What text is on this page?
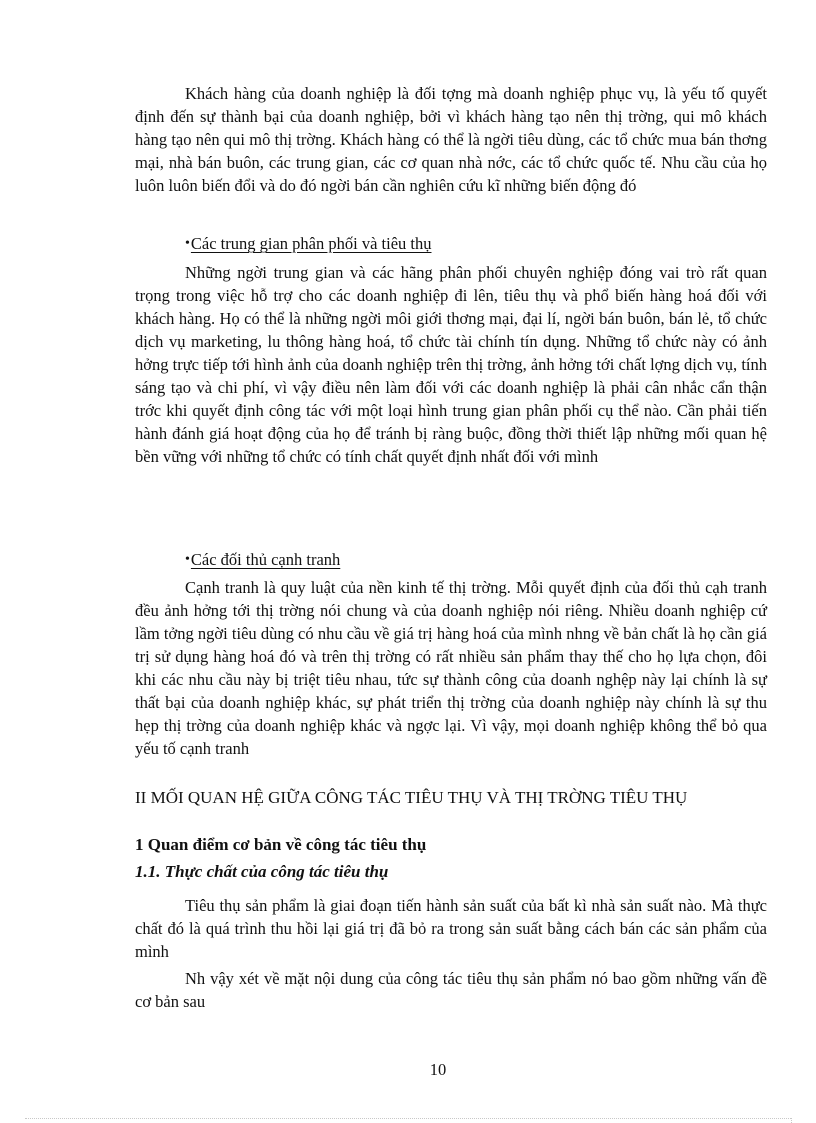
Khách hàng của doanh nghiệp là đối tợng mà doanh nghiệp phục vụ, là yếu tố quyết định đến sự thành bại của doanh nghiệp, bởi vì khách hàng tạo nên thị trờng, qui mô khách hàng tạo nên qui mô thị trờng. Khách hàng có thể là ngời tiêu dùng, các tổ chức mua bán thơng mại, nhà bán buôn, các trung gian, các cơ quan nhà nớc, các tổ chức quốc tế. Nhu cầu của họ luôn luôn biến đổi và do đó ngời bán cần nghiên cứu kĩ những biến động đó

•Các trung gian phân phối và tiêu thụ

Những ngời trung gian và các hãng phân phối chuyên nghiệp đóng vai trò rất quan trọng trong việc hỗ trợ cho các doanh nghiệp đi lên, tiêu thụ và phổ biến hàng hoá đối với khách hàng. Họ có thể là những ngời môi giới thơng mại, đại lí, ngời bán buôn, bán lẻ, tổ chức dịch vụ marketing, lu thông hàng hoá, tổ chức tài chính tín dụng. Những tổ chức này có ảnh hởng trực tiếp tới hình ảnh của doanh nghiệp trên thị trờng, ảnh hởng tới chất lợng dịch vụ, tính sáng tạo và chi phí, vì vậy điều nên làm đối với các doanh nghiệp là phải cân nhắc cẩn thận trớc khi quyết định công tác với một loại hình trung gian phân phối cụ thể nào. Cần phải tiến hành đánh giá hoạt động của họ để tránh bị ràng buộc, đồng thời thiết lập những mối quan hệ bền vững với những tổ chức có tính chất quyết định nhất đối với mình

•Các đối thủ cạnh tranh

Cạnh tranh là quy luật của nền kinh tế thị trờng. Mỗi quyết định của đối thủ cạh tranh đều ảnh hởng tới thị trờng nói chung và của doanh nghiệp nói riêng. Nhiều doanh nghiệp cứ lầm tởng ngời tiêu dùng có nhu cầu về giá trị hàng hoá của mình nhng về bản chất là họ cần giá trị sử dụng hàng hoá đó và trên thị trờng có rất nhiều sản phẩm thay thế cho họ lựa chọn, đôi khi các nhu cầu này bị triệt tiêu nhau, tức sự thành công của doanh nghệp này lại chính là sự thất bại của doanh nghiệp khác, sự phát triển thị trờng của doanh nghiệp này chính là sự thu hẹp thị trờng của doanh nghiệp khác và ngợc lại. Vì vậy, mọi doanh nghiệp không thể bỏ qua yếu tố cạnh tranh

II MỐI QUAN HỆ GIỮA CÔNG TÁC TIÊU THỤ VÀ THỊ TRỜNG TIÊU THỤ
1 Quan điểm cơ bản về công tác tiêu thụ
1.1. Thực chất của công tác tiêu thụ

Tiêu thụ sản phẩm là giai đoạn tiến hành sản suất của bất kì nhà sản suất nào. Mà thực chất đó là quá trình thu hồi lại giá trị đã bỏ ra trong sản suất bằng cách bán các sản phẩm của mình

Nh vậy xét về mặt nội dung của công tác tiêu thụ sản phẩm nó bao gồm những vấn đề cơ bản sau

10
